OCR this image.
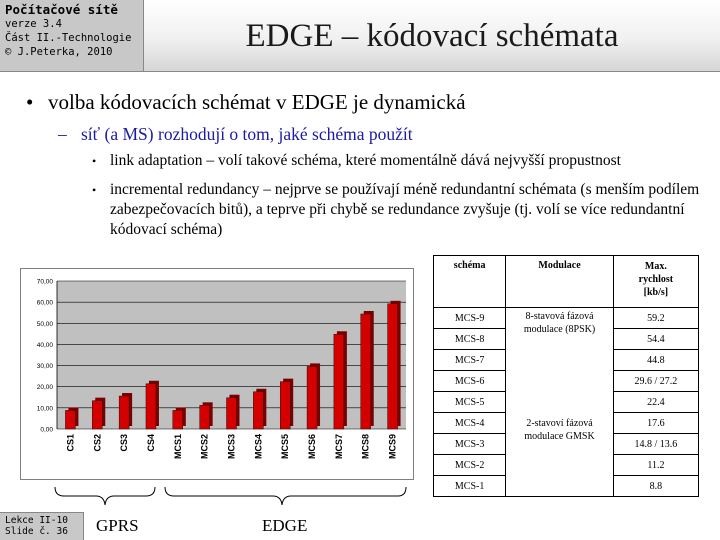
Počítačové sítě
verze 3.4
Část II.-Technologie
© J.Peterka, 2010	EDGE – kódovací schémata
• volba kódovacích schémat v EDGE je dynamická
– síť (a MS) rozhodují o tom, jaké schéma použít
• link adaptation – volí takové schéma, které momentálně dává nejvyšší propustnost
• incremental redundancy – nejprve se používají méně redundantní schémata (s menším podílem zabezpečovacích bitů), a teprve při chybě se redundance zvyšuje (tj. volí se více redundantní kódovací schéma)
0,00
10,00
20,00
30,00
40,00
50,00
60,00
70,00
CS1 CS2 CS3 CS4 MCS1 MCS2 MCS3 MCS4 MCS5 MCS6 MCS7 MCS8 MCS9
GPRS	EDGE
schéma	Modulace	Max. rychlost [kb/s]

MCS-9	8-stavová fázová modulace (8PSK)	59.2
MCS-8		54.4
MCS-7		44.8
MCS-6		29.6 / 27.2
MCS-5		22.4
MCS-4	2-stavoví fázová modulace GMSK	17.6
MCS-3		14.8 / 13.6
MCS-2		11.2
MCS-1		8.8
Lekce II-10
Slide č. 36
